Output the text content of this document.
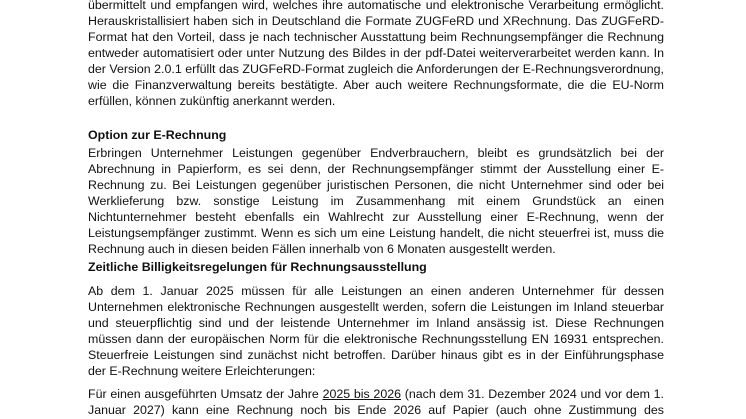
übermittelt und empfangen wird, welches ihre automatische und elektronische Verarbeitung ermöglicht.
Herauskristallisiert haben sich in Deutschland die Formate ZUGFeRD und XRechnung. Das ZUGFeRD-
Format hat den Vorteil, dass je nach technischer Ausstattung beim Rechnungsempfänger die Rechnung
entweder automatisiert oder unter Nutzung des Bildes in der pdf-Datei weiterverarbeitet werden kann. In
der Version 2.0.1 erfüllt das ZUGFeRD-Format zugleich die Anforderungen der E-Rechnungsverordnung,
wie die Finanzverwaltung bereits bestätigte. Aber auch weitere Rechnungsformate, die die EU-Norm
erfüllen, können zukünftig anerkannt werden.
Option zur E-Rechnung
Erbringen Unternehmer Leistungen gegenüber Endverbrauchern, bleibt es grundsätzlich bei der
Abrechnung in Papierform, es sei denn, der Rechnungsempfänger stimmt der Ausstellung einer E-
Rechnung zu. Bei Leistungen gegenüber juristischen Personen, die nicht Unternehmer sind oder bei
Werklieferung bzw. sonstige Leistung im Zusammenhang mit einem Grundstück an einen
Nichtunternehmer besteht ebenfalls ein Wahlrecht zur Ausstellung einer E-Rechnung, wenn der
Leistungsempfänger zustimmt. Wenn es sich um eine Leistung handelt, die nicht steuerfrei ist, muss die
Rechnung auch in diesen beiden Fällen innerhalb von 6 Monaten ausgestellt werden.
Zeitliche Billigkeitsregelungen für Rechnungsausstellung
Ab dem 1. Januar 2025 müssen für alle Leistungen an einen anderen Unternehmer für dessen
Unternehmen elektronische Rechnungen ausgestellt werden, sofern die Leistungen im Inland steuerbar
und steuerpflichtig sind und der leistende Unternehmer im Inland ansässig ist. Diese Rechnungen
müssen dann der europäischen Norm für die elektronische Rechnungsstellung EN 16931 entsprechen.
Steuerfreie Leistungen sind zunächst nicht betroffen. Darüber hinaus gibt es in der Einführungsphase
der E-Rechnung weitere Erleichterungen:
Für einen ausgeführten Umsatz der Jahre 2025 bis 2026 (nach dem 31. Dezember 2024 und vor dem 1.
Januar 2027) kann eine Rechnung noch bis Ende 2026 auf Papier (auch ohne Zustimmung des
